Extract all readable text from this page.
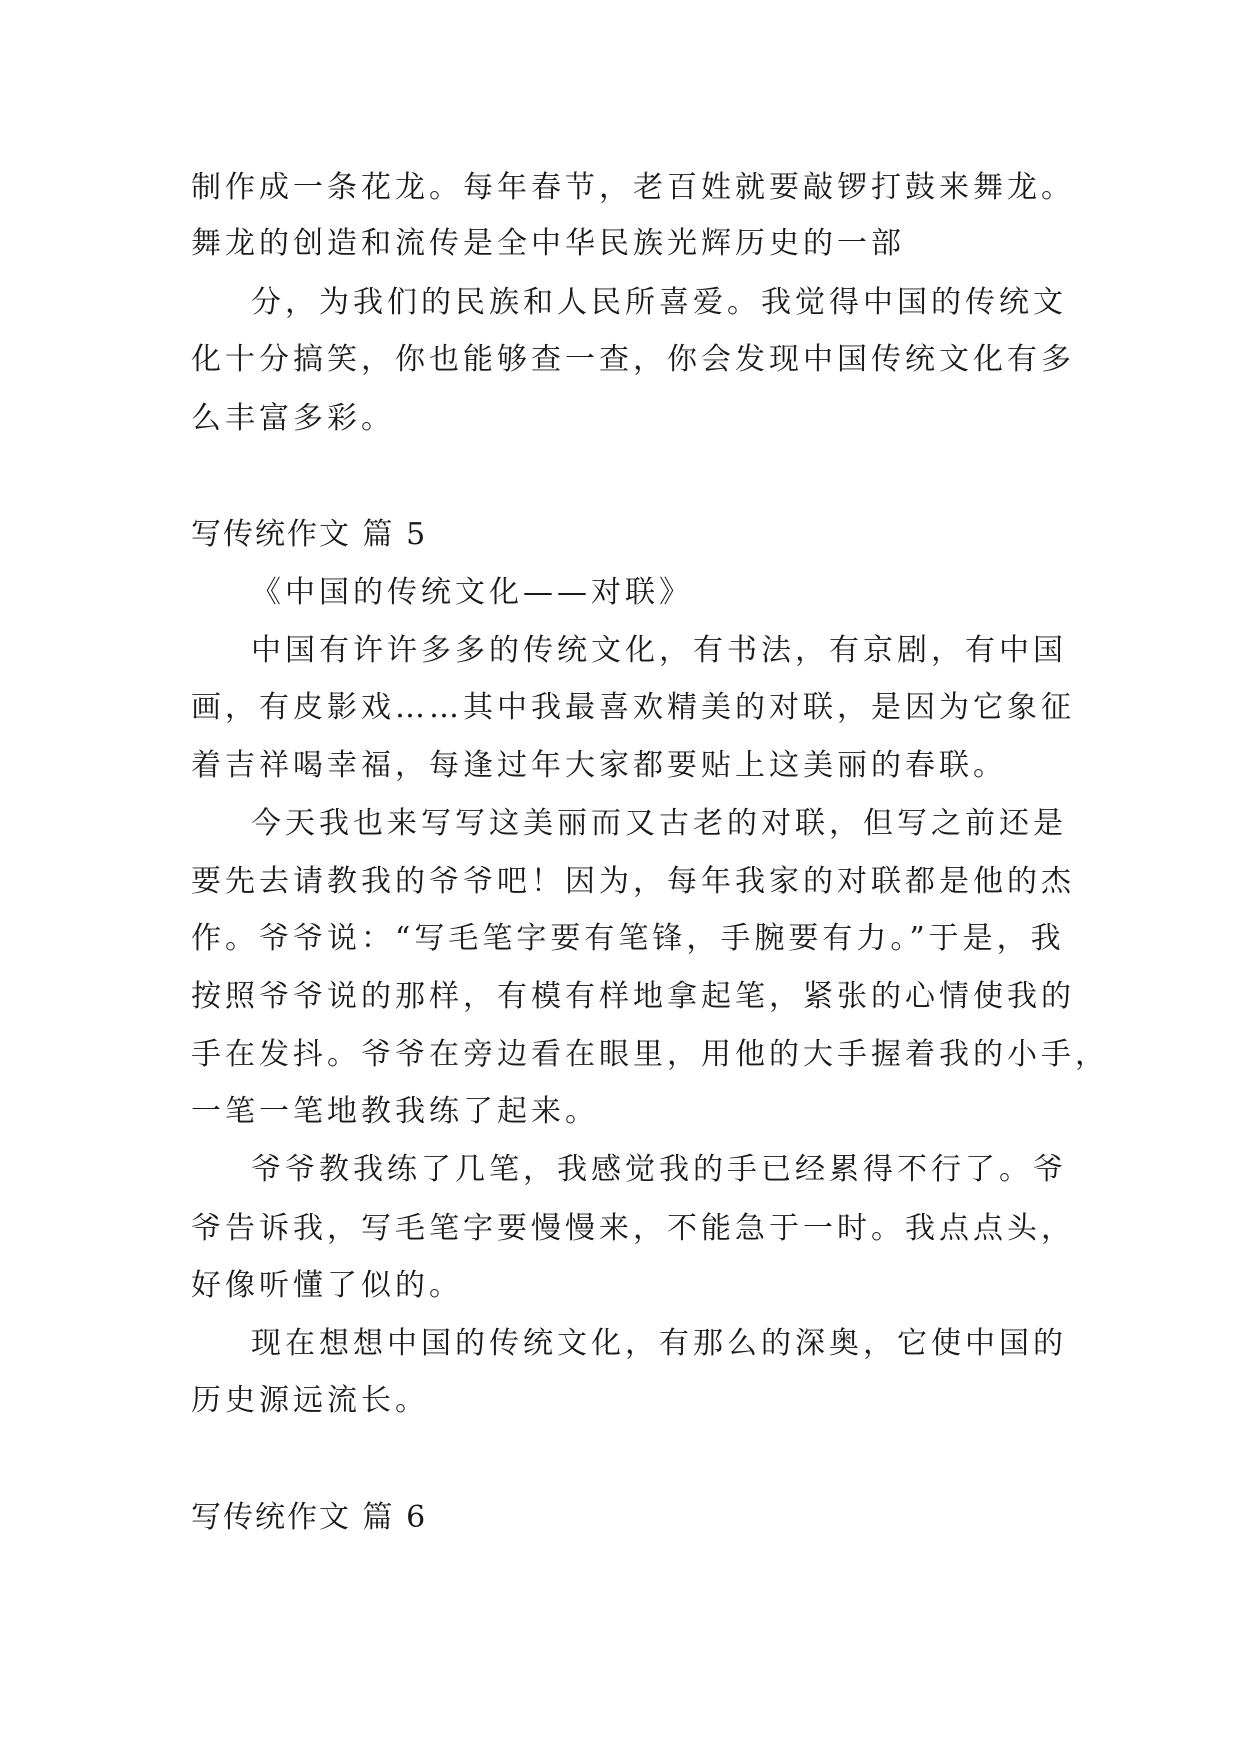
制作成一条花龙。每年春节，老百姓就要敲锣打鼓来舞龙。

舞龙的创造和流传是全中华民族光辉历史的一部

分，为我们的民族和人民所喜爱。我觉得中国的传统文

化十分搞笑，你也能够查一查，你会发现中国传统文化有多

么丰富多彩。

写传统作文 篇 5

《中国的传统文化——对联》

中国有许许多多的传统文化，有书法，有京剧，有中国

画，有皮影戏……其中我最喜欢精美的对联，是因为它象征

着吉祥喝幸福，每逢过年大家都要贴上这美丽的春联。

今天我也来写写这美丽而又古老的对联，但写之前还是

要先去请教我的爷爷吧！因为，每年我家的对联都是他的杰

作。爷爷说：“写毛笔字要有笔锋，手腕要有力。”于是，我

按照爷爷说的那样，有模有样地拿起笔，紧张的心情使我的

手在发抖。爷爷在旁边看在眼里，用他的大手握着我的小手，

一笔一笔地教我练了起来。

爷爷教我练了几笔，我感觉我的手已经累得不行了。爷

爷告诉我，写毛笔字要慢慢来，不能急于一时。我点点头，

好像听懂了似的。

现在想想中国的传统文化，有那么的深奥，它使中国的

历史源远流长。

写传统作文 篇 6
